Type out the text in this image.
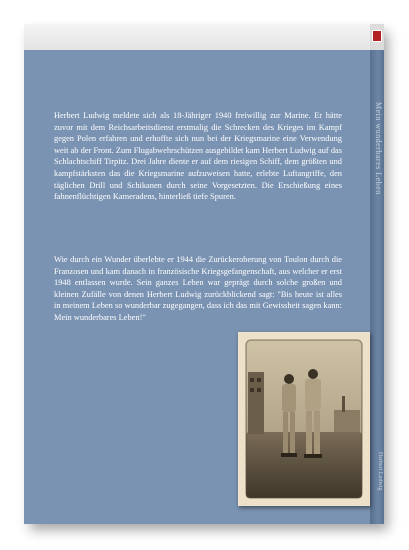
Mein wunderbares Leben
Herbert Ludwig

Herbert Ludwig meldete sich als 18-Jähriger 1940 freiwillig zur Marine. Er hätte zuvor mit dem Reichsarbeitsdienst erstmalig die Schrecken des Krieges im Kampf gegen Polen erfahren und erhoffte sich nun bei der Kriegsmarine eine Verwendung weit ab der Front. Zum Flugabwehrschützen ausgebildet kam Herbert Ludwig auf das Schlachtschiff Tirpitz. Drei Jahre diente er auf dem riesigen Schiff, dem größten und kampfstärksten das die Kriegsmarine aufzuweisen hatte, erlebte Luftangriffe, den täglichen Drill und Schikanen durch seine Vorgesetzten. Die Erschießung eines fahnenflüchtigen Kameradens, hinterließ tiefe Spuren.

Wie durch ein Wunder überlebte er 1944 die Zurückeroberung von Toulon durch die Franzosen und kam danach in französische Kriegsgefangenschaft, aus welcher er erst 1948 entlassen wurde. Sein ganzes Leben war geprägt durch solche großen und kleinen Zufälle von denen Herbert Ludwig zurückblickend sagt: "Bis heute ist alles in meinem Leben so wunderbar zugegangen, dass ich das mit Gewissheit sagen kann: Mein wunderbares Leben!"
